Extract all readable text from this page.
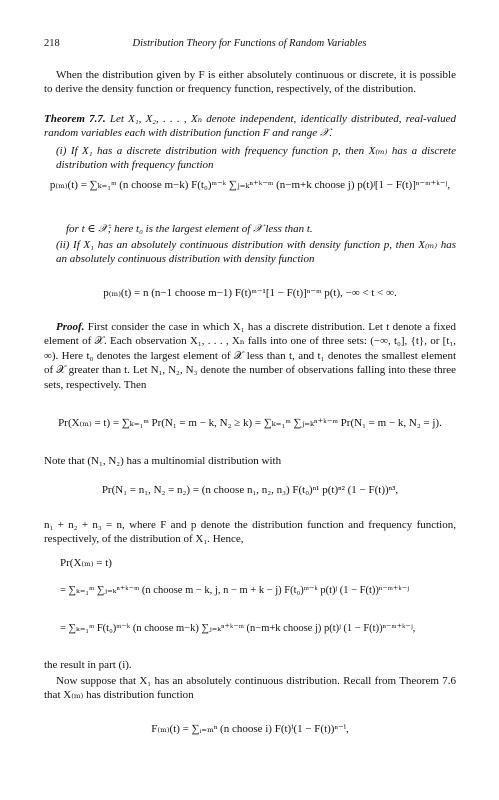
218	Distribution Theory for Functions of Random Variables
When the distribution given by F is either absolutely continuous or discrete, it is possible to derive the density function or frequency function, respectively, of the distribution.
Theorem 7.7. Let X₁, X₂, . . . , Xₙ denote independent, identically distributed, real-valued random variables each with distribution function F and range 𝒳.
(i) If X₁ has a discrete distribution with frequency function p, then X₍ₘ₎ has a discrete distribution with frequency function
p₍ₘ₎(t) = ∑ₖ₌₁ᵐ (n choose m−k) F(t₀)ᵐ⁻ᵏ ∑ⱼ₌ₖⁿ⁺ᵏ⁻ᵐ (n−m+k choose j) p(t)ʲ[1 − F(t)]ⁿ⁻ᵐ⁺ᵏ⁻ʲ,
for t ∈ 𝒳; here t₀ is the largest element of 𝒳 less than t.
(ii) If X₁ has an absolutely continuous distribution with density function p, then X₍ₘ₎ has an absolutely continuous distribution with density function
p₍ₘ₎(t) = n (n−1 choose m−1) F(t)ᵐ⁻¹[1 − F(t)]ⁿ⁻ᵐ p(t), −∞ < t < ∞.
Proof. First consider the case in which X₁ has a discrete distribution. Let t denote a fixed element of 𝒳. Each observation X₁, . . . , Xₙ falls into one of three sets: (−∞, t₀], {t}, or [t₁, ∞). Here t₀ denotes the largest element of 𝒳 less than t, and t₁ denotes the smallest element of 𝒳 greater than t. Let N₁, N₂, N₃ denote the number of observations falling into these three sets, respectively. Then
Pr(X₍ₘ₎ = t) = ∑ₖ₌₁ᵐ Pr(N₁ = m − k, N₂ ≥ k) = ∑ₖ₌₁ᵐ ∑ⱼ₌ₖⁿ⁺ᵏ⁻ᵐ Pr(N₁ = m − k, N₂ = j).
Note that (N₁, N₂) has a multinomial distribution with
Pr(N₁ = n₁, N₂ = n₂) = (n choose n₁, n₂, n₃) F(t₀)ⁿ¹ p(t)ⁿ² (1 − F(t))ⁿ³,
n₁ + n₂ + n₃ = n, where F and p denote the distribution function and frequency function, respectively, of the distribution of X₁. Hence,
Pr(X₍ₘ₎ = t)
= ∑ₖ₌₁ᵐ ∑ⱼ₌ₖⁿ⁺ᵏ⁻ᵐ (n choose m − k, j, n − m + k − j) F(t₀)ᵐ⁻ᵏ p(t)ʲ (1 − F(t))ⁿ⁻ᵐ⁺ᵏ⁻ʲ
= ∑ₖ₌₁ᵐ F(t₀)ᵐ⁻ᵏ (n choose m−k) ∑ⱼ₌ₖⁿ⁺ᵏ⁻ᵐ (n−m+k choose j) p(t)ʲ (1 − F(t))ⁿ⁻ᵐ⁺ᵏ⁻ʲ,
the result in part (i).
Now suppose that X₁ has an absolutely continuous distribution. Recall from Theorem 7.6 that X₍ₘ₎ has distribution function
F₍ₘ₎(t) = ∑ᵢ₌ₘⁿ (n choose i) F(t)ⁱ(1 − F(t))ⁿ⁻ⁱ,
